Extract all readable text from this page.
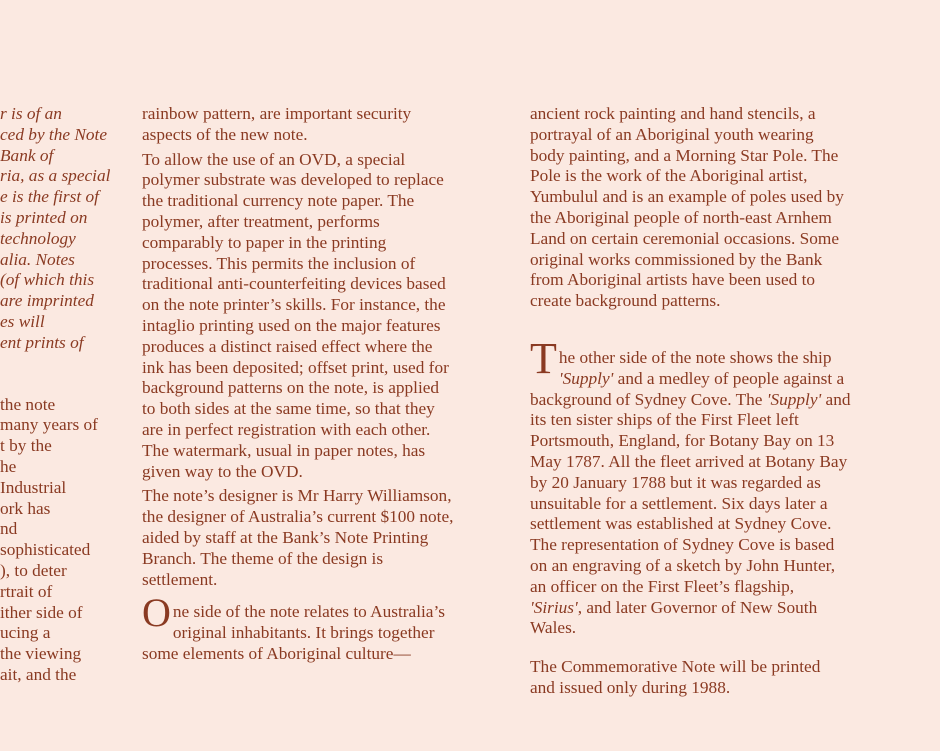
r is of an
ced by the Note
Bank of
ria, as a special
e is the first of
is printed on
technology
alia. Notes
(of which this
are imprinted
es will
ent prints of
the note
many years of
t by the
he
Industrial
ork has
nd
sophisticated
), to deter
rtrait of
ither side of
ucing a
the viewing
ait, and the
rainbow pattern, are important security
aspects of the new note.
To allow the use of an OVD, a special
polymer substrate was developed to replace
the traditional currency note paper. The
polymer, after treatment, performs
comparably to paper in the printing
processes. This permits the inclusion of
traditional anti-counterfeiting devices based
on the note printer’s skills. For instance, the
intaglio printing used on the major features
produces a distinct raised effect where the
ink has been deposited; offset print, used for
background patterns on the note, is applied
to both sides at the same time, so that they
are in perfect registration with each other.
The watermark, usual in paper notes, has
given way to the OVD.
The note’s designer is Mr Harry Williamson,
the designer of Australia’s current $100 note,
aided by staff at the Bank’s Note Printing
Branch. The theme of the design is
settlement.
O ne side of the note relates to Australia’s
original inhabitants. It brings together
some elements of Aboriginal culture—
ancient rock painting and hand stencils, a
portrayal of an Aboriginal youth wearing
body painting, and a Morning Star Pole. The
Pole is the work of the Aboriginal artist,
Yumbulul and is an example of poles used by
the Aboriginal people of north-east Arnhem
Land on certain ceremonial occasions. Some
original works commissioned by the Bank
from Aboriginal artists have been used to
create background patterns.
T he other side of the note shows the ship
'Supply' and a medley of people against a
background of Sydney Cove. The 'Supply' and
its ten sister ships of the First Fleet left
Portsmouth, England, for Botany Bay on 13
May 1787. All the fleet arrived at Botany Bay
by 20 January 1788 but it was regarded as
unsuitable for a settlement. Six days later a
settlement was established at Sydney Cove.
The representation of Sydney Cove is based
on an engraving of a sketch by John Hunter,
an officer on the First Fleet’s flagship,
'Sirius', and later Governor of New South
Wales.
The Commemorative Note will be printed
and issued only during 1988.
